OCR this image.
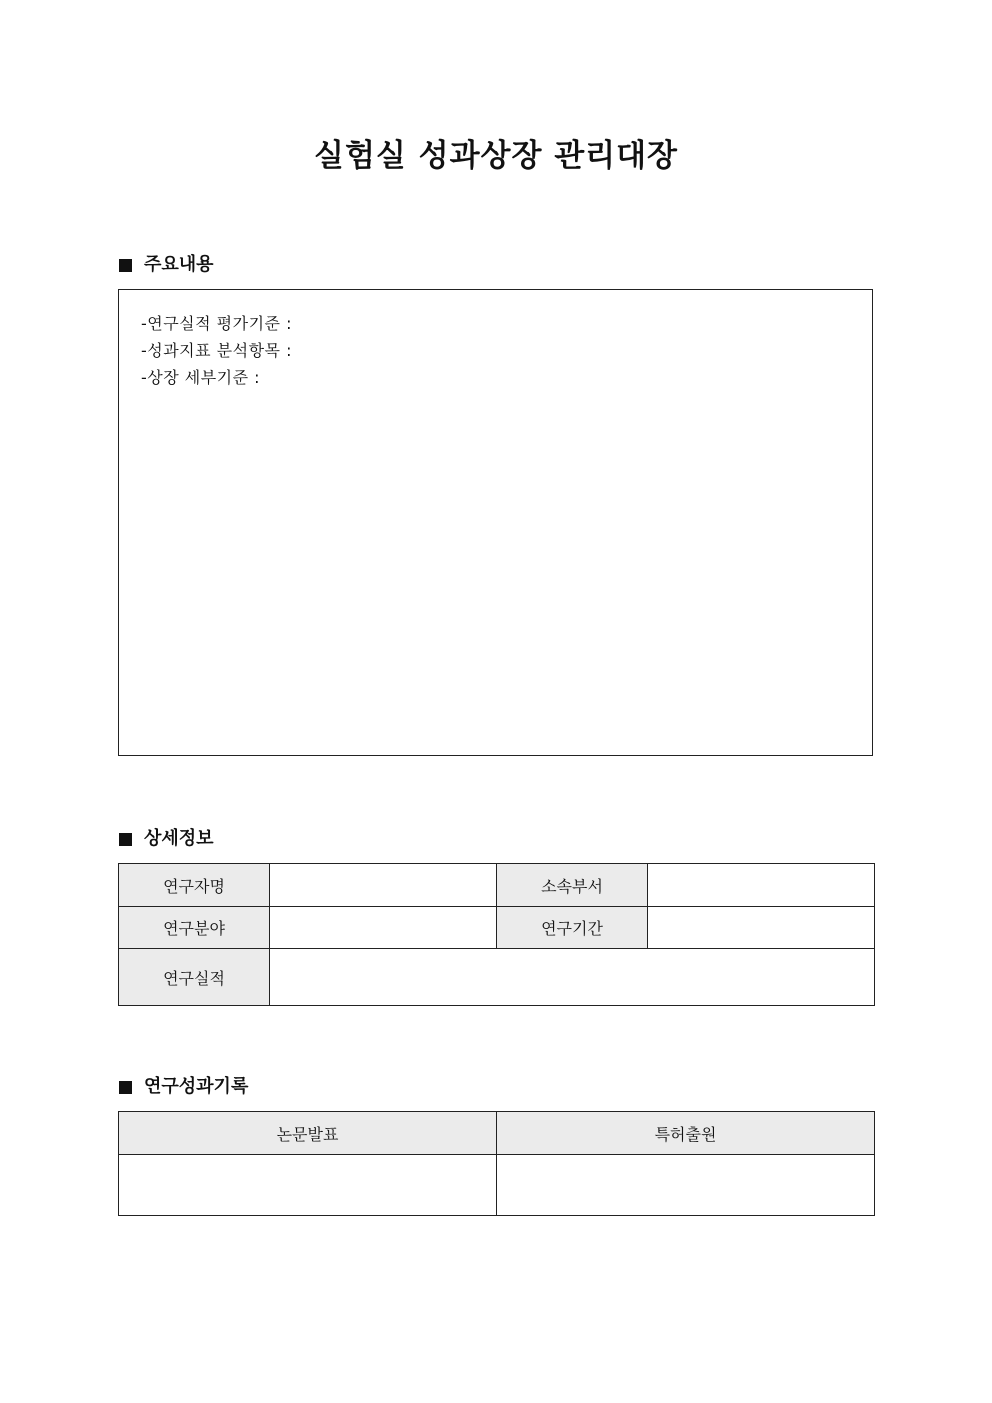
실험실 성과상장 관리대장
주요내용
-연구실적 평가기준 :
-성과지표 분석항목 :
-상장 세부기준 :
상세정보
연구자명		소속부서	
연구분야		연구기간	
연구실적			
연구성과기록
논문발표	특허출원
